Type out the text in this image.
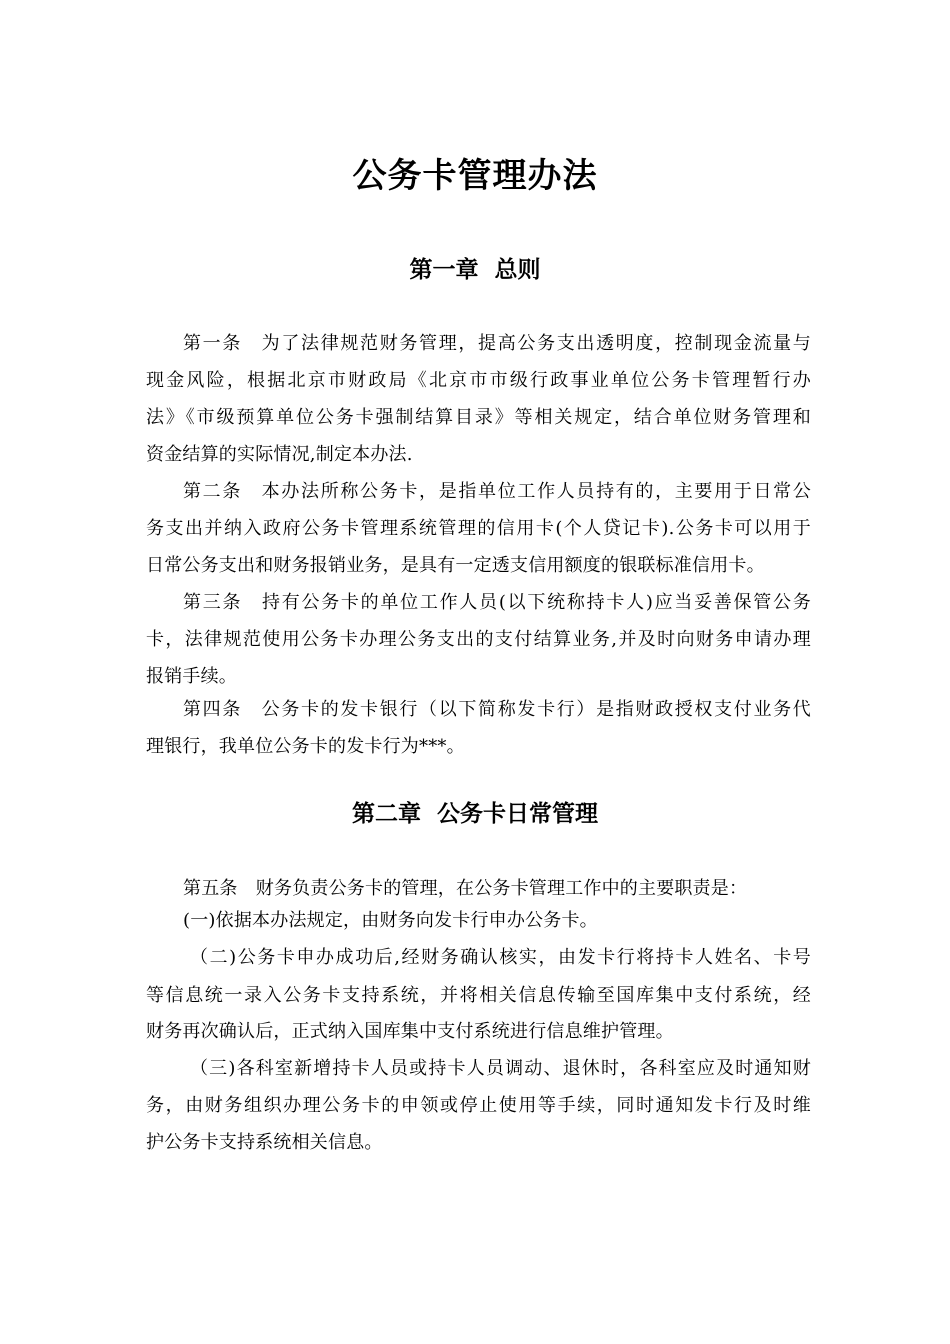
公务卡管理办法
第一章 总则
第一条　为了法律规范财务管理，提高公务支出透明度，控制现金流量与
现金风险，根据北京市财政局《北京市市级行政事业单位公务卡管理暂行办
法》《市级预算单位公务卡强制结算目录》等相关规定，结合单位财务管理和
资金结算的实际情况,制定本办法.
第二条　本办法所称公务卡，是指单位工作人员持有的，主要用于日常公
务支出并纳入政府公务卡管理系统管理的信用卡(个人贷记卡).公务卡可以用于
日常公务支出和财务报销业务，是具有一定透支信用额度的银联标准信用卡。
第三条　持有公务卡的单位工作人员(以下统称持卡人)应当妥善保管公务
卡，法律规范使用公务卡办理公务支出的支付结算业务,并及时向财务申请办理
报销手续。
第四条　公务卡的发卡银行（以下简称发卡行）是指财政授权支付业务代
理银行，我单位公务卡的发卡行为***。
第二章 公务卡日常管理
第五条　财务负责公务卡的管理，在公务卡管理工作中的主要职责是：
(一)依据本办法规定，由财务向发卡行申办公务卡。
（二)公务卡申办成功后,经财务确认核实，由发卡行将持卡人姓名、卡号
等信息统一录入公务卡支持系统，并将相关信息传输至国库集中支付系统，经
财务再次确认后，正式纳入国库集中支付系统进行信息维护管理。
（三)各科室新增持卡人员或持卡人员调动、退休时，各科室应及时通知财
务，由财务组织办理公务卡的申领或停止使用等手续，同时通知发卡行及时维
护公务卡支持系统相关信息。
